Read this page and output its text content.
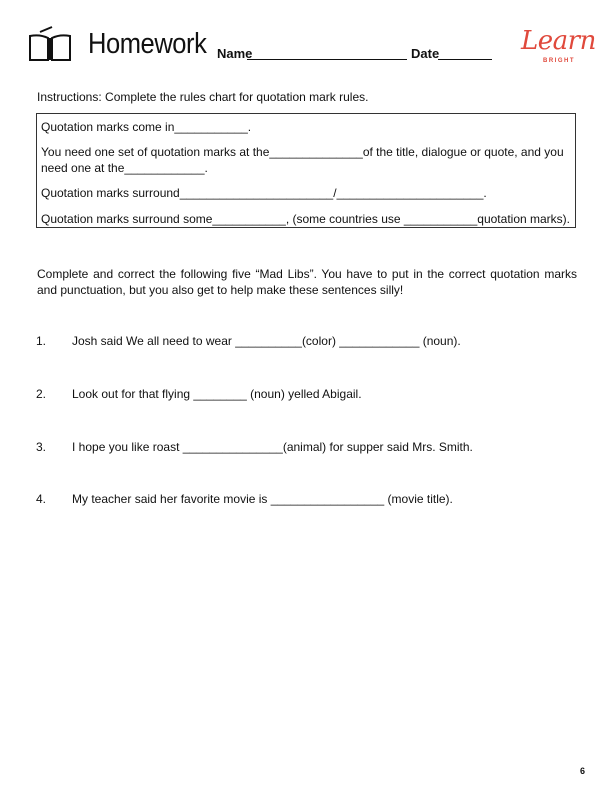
Homework Name	Date	Learn
BRIGHT
Instructions: Complete the rules chart for quotation mark rules.
Quotation marks come in___________.
You need one set of quotation marks at the______________of the title, dialogue or quote, and you
need one at the____________.
Quotation marks surround_______________________/______________________.
Quotation marks surround some___________, (some countries use ___________quotation marks).
Complete and correct the following five “Mad Libs”. You have to put in the correct quotation marks and punctuation, but you also get to help make these sentences silly!
1. Josh said We all need to wear __________(color) ____________ (noun).
2. Look out for that flying ________ (noun) yelled Abigail.
3. I hope you like roast _______________(animal) for supper said Mrs. Smith.
4. My teacher said her favorite movie is _________________ (movie title).
6
